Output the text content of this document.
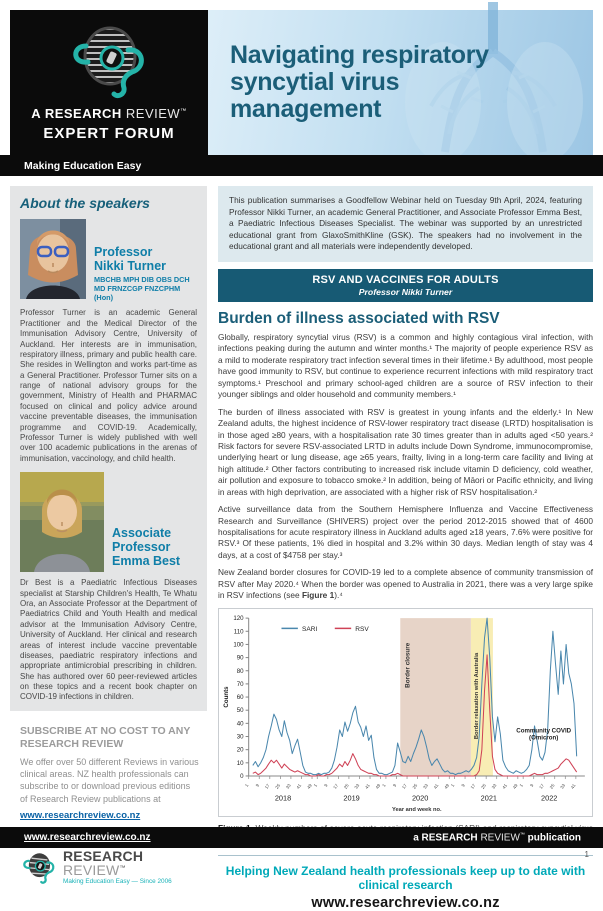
A RESEARCH REVIEW™
EXPERT FORUM
Navigating respiratory syncytial virus management
Making Education Easy
About the speakers
Professor
Nikki Turner
MBCHB MPH DIB OBS DCH MD FRNZCGP FNZCPHM (Hon)

Professor Turner is an academic General Practitioner and the Medical Director of the Immunisation Advisory Centre, University of Auckland. Her interests are in immunisation, respiratory illness, primary and public health care. She resides in Wellington and works part-time as a General Practitioner. Professor Turner sits on a range of national advisory groups for the government, Ministry of Health and PHARMAC focused on clinical and policy advice around vaccine preventable diseases, the immunisation programme and COVID-19. Academically, Professor Turner is widely published with well over 100 academic publications in the arenas of immunisation, vaccinology, and child health.

Associate Professor
Emma Best

Dr Best is a Paediatric Infectious Diseases specialist at Starship Children's Health, Te Whatu Ora, an Associate Professor at the Department of Paediatrics Child and Youth Health and medical advisor at the Immunisation Advisory Centre, University of Auckland. Her clinical and research areas of interest include vaccine preventable diseases, paediatric respiratory infections and appropriate antimicrobial prescribing in children. She has authored over 60 peer-reviewed articles on these topics and a recent book chapter on COVID-19 infections in children.

SUBSCRIBE AT NO COST TO ANY RESEARCH REVIEW

We offer over 50 different Reviews in various clinical areas. NZ health professionals can subscribe to or download previous editions of Research Review publications at

www.researchreview.co.nz
RESEARCH REVIEW™
Making Education Easy — Since 2006
This publication summarises a Goodfellow Webinar held on Tuesday 9th April, 2024, featuring Professor Nikki Turner, an academic General Practitioner, and Associate Professor Emma Best, a Paediatric Infectious Diseases Specialist. The webinar was supported by an unrestricted educational grant from GlaxoSmithKline (GSK). The speakers had no involvement in the educational grant and all materials were independently developed.
RSV AND VACCINES FOR ADULTS
Professor Nikki Turner
Burden of illness associated with RSV

Globally, respiratory syncytial virus (RSV) is a common and highly contagious viral infection, with infections peaking during the autumn and winter months.¹ The majority of people experience RSV as a mild to moderate respiratory tract infection several times in their lifetime.¹ By adulthood, most people have good immunity to RSV, but continue to experience recurrent infections with mild respiratory tract symptoms.¹ Preschool and primary school-aged children are a source of RSV infection to their younger siblings and older household and community members.¹

The burden of illness associated with RSV is greatest in young infants and the elderly.¹ In New Zealand adults, the highest incidence of RSV-lower respiratory tract disease (LRTD) hospitalisation is in those aged ≥80 years, with a hospitalisation rate 30 times greater than in adults aged <50 years.² Risk factors for severe RSV-associated LRTD in adults include Down Syndrome, immunocompromise, underlying heart or lung disease, age ≥65 years, frailty, living in a long-term care facility and living at high altitude.² Other factors contributing to increased risk include vitamin D deficiency, cold weather, air pollution and exposure to tobacco smoke.² In addition, being of Māori or Pacific ethnicity, and living in areas with high deprivation, are associated with a higher risk of RSV hospitalisation.²

Active surveillance data from the Southern Hemisphere Influenza and Vaccine Effectiveness Research and Surveillance (SHIVERS) project over the period 2012-2015 showed that of 4600 hospitalisations for acute respiratory illness in Auckland adults aged ≥18 years, 7.6% were positive for RSV.³ Of these patients, 1% died in hospital and 3.2% within 30 days. Median length of stay was 4 days, at a cost of $4758 per stay.³

New Zealand border closures for COVID-19 led to a complete absence of community transmission of RSV after May 2020.⁴ When the border was opened to Australia in 2021, there was a very large spike in RSV infections (see Figure 1).⁴

Border closure	Border relaxation with Australia
0
10
20
30
40
50
60
70
80
90
100
110
120
Counts
1 9 17 25 33 41 49
2018
1 9 17 25 33 41 49
2019
1 9 17 25 33 41 49
2020
1 9 17 25 33 41 49
2021
1 9 17 25 33 41
2022
Year and week no.
SARI	RSV
Community COVID (Omicron)

Helping New Zealand health professionals keep up to date with clinical research
www.researchreview.co.nz
www.researchreview.co.nz	a RESEARCH REVIEW™ publication
1
